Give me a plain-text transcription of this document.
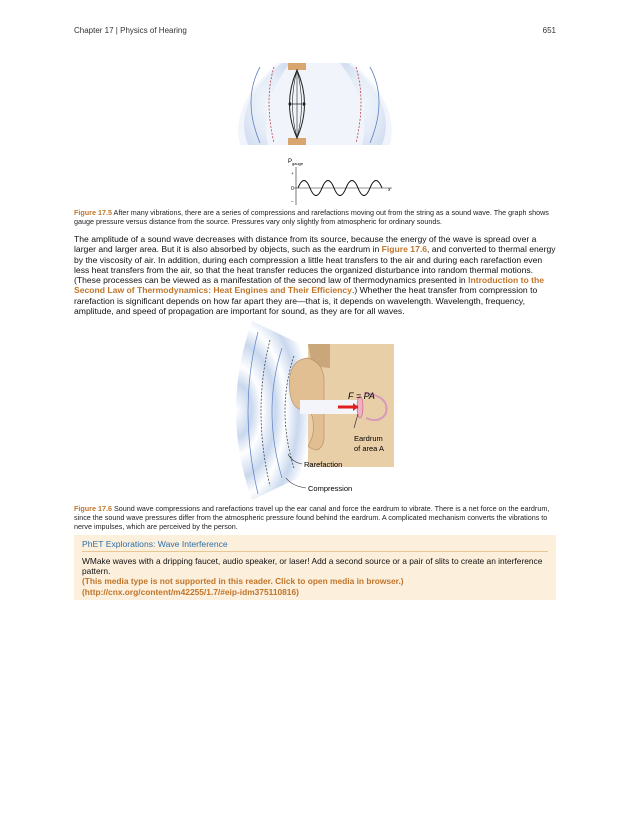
Chapter 17 | Physics of Hearing	651
P gauge
+
0
–
x
Figure 17.5 After many vibrations, there are a series of compressions and rarefactions moving out from the string as a sound wave. The graph shows gauge pressure versus distance from the source. Pressures vary only slightly from atmospheric for ordinary sounds.
The amplitude of a sound wave decreases with distance from its source, because the energy of the wave is spread over a larger and larger area. But it is also absorbed by objects, such as the eardrum in Figure 17.6, and converted to thermal energy by the viscosity of air. In addition, during each compression a little heat transfers to the air and during each rarefaction even less heat transfers from the air, so that the heat transfer reduces the organized disturbance into random thermal motions. (These processes can be viewed as a manifestation of the second law of thermodynamics presented in Introduction to the Second Law of Thermodynamics: Heat Engines and Their Efficiency.) Whether the heat transfer from compression to rarefaction is significant depends on how far apart they are—that is, it depends on wavelength. Wavelength, frequency, amplitude, and speed of propagation are important for sound, as they are for all waves.
F = PA
Eardrum
of area A
Rarefaction
Compression
Figure 17.6 Sound wave compressions and rarefactions travel up the ear canal and force the eardrum to vibrate. There is a net force on the eardrum, since the sound wave pressures differ from the atmospheric pressure found behind the eardrum. A complicated mechanism converts the vibrations to nerve impulses, which are perceived by the person.
PhET Explorations: Wave Interference
WMake waves with a dripping faucet, audio speaker, or laser! Add a second source or a pair of slits to create an interference pattern.
(This media type is not supported in this reader. Click to open media in browser.) (http://cnx.org/content/m42255/1.7/#eip-idm375110816)
